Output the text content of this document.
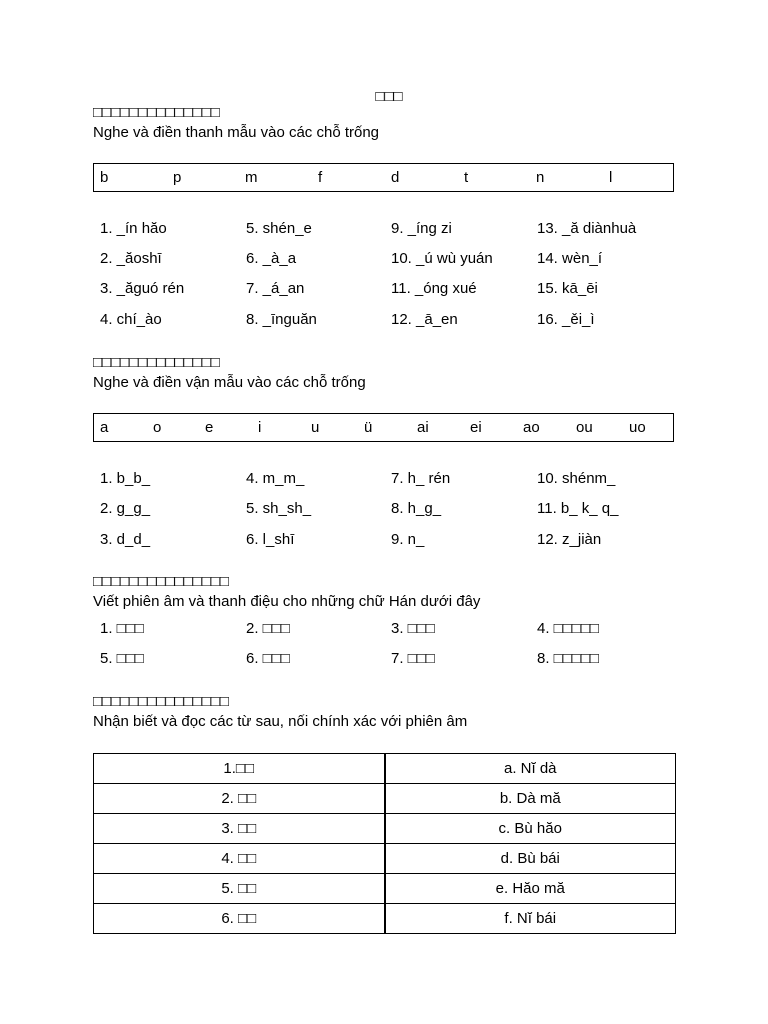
□□□
□□□□□□□□□□□□□□
Nghe và điền thanh mẫu vào các chỗ trống
b	p	m	f	d	t	n	l
1. _ín hăo
2. _ăoshī
3. _ăguó rén
4. chí_ào
5. shén_e
6. _à_a
7. _á_an
8. _īnguăn
9. _íng zi
10. _ú wù yuán
11. _óng xué
12. _ā_en
13. _ă diànhuà
14. wèn_í
15. kā_ēi
16. _ěi_ì
□□□□□□□□□□□□□□
Nghe và điền vận mẫu vào các chỗ trống
a	o	e	i	u	ü	ai	ei	ao ou uo
1. b_b_
2. g_g_
3. d_d_
4. m_m_
5. sh_sh_
6. l_shī
7. h_ rén
8. h_g_
9. n_
10. shénm_
11. b_ k_ q_
12. z_jiàn
□□□□□□□□□□□□□□□
Viết phiên âm và thanh điệu cho những chữ Hán dưới đây
1. □□□
5. □□□
2. □□□
6. □□□
3. □□□
7. □□□
4. □□□□□
8. □□□□□
□□□□□□□□□□□□□□□
Nhận biết và đọc các từ sau, nối chính xác với phiên âm
1.□□	a. Nĭ dà
2. □□	b. Dà mă
3. □□	c. Bù hăo
4. □□	d. Bù bái
5. □□	e. Hăo mă
6. □□	f. Nĭ bái
